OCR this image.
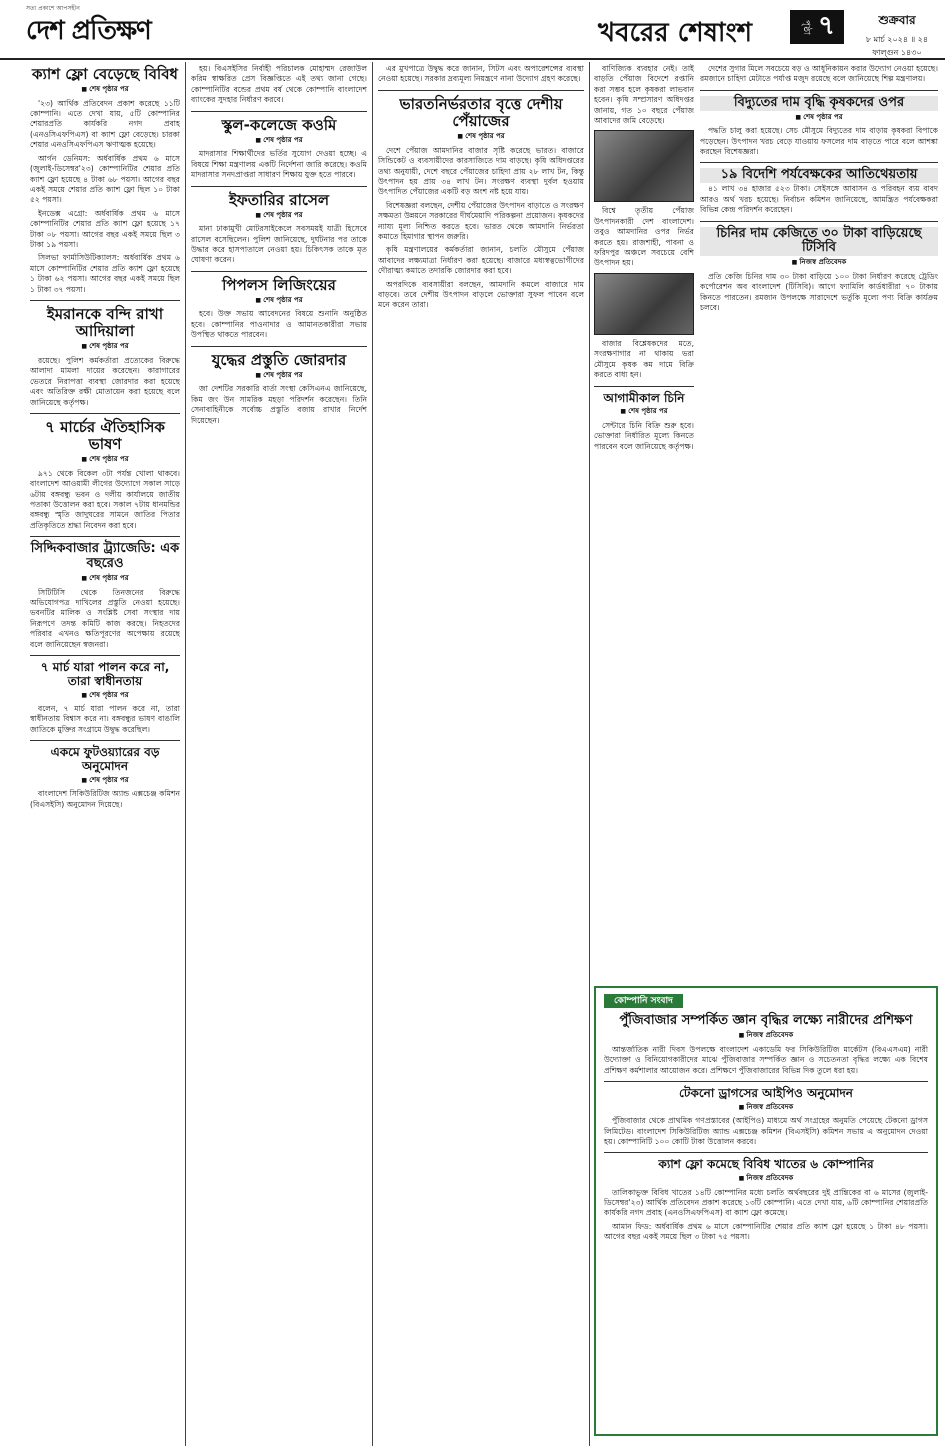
সত্য প্রকাশে আপসহীন
দেশ প্রতিক্ষণ	খবরের শেষাংশ	পৃষ্ঠা ৭	শুক্রবার
৮ মার্চ ২০২৪ ॥ ২৪ ফাল্গুন ১৪৩০
ক্যাশ ফ্লো বেড়েছে বিবিধ
■ শেষ পৃষ্ঠার পর

'২৩) আর্থিক প্রতিবেদন প্রকাশ করেছে ১১টি কোম্পানি। এতে দেখা যায়, ৫টি কোম্পানির শেয়ারপ্রতি কার্যকরি নগদ প্রবাহ (এনওসিএফপিএস) বা ক্যাশ ফ্লো বেড়েছে। চারকা শেয়ার এনওসিএফপিএস ঋণাত্মক হয়েছে।

আর্গন ডেনিমস: অর্ধবার্ষিক প্রথম ৬ মাসে (জুলাই-ডিসেম্বর'২৩) কোম্পানিটির শেয়ার প্রতি ক্যাশ ফ্লো হয়েছে ৪ টাকা ৬৮ পয়সা। আগের বছর একই সময়ে শেয়ার প্রতি ক্যাশ ফ্লো ছিল ১০ টাকা ৫২ পয়সা।

ইনডেক্স এগ্রো: অর্ধবার্ষিক প্রথম ৬ মাসে কোম্পানিটির শেয়ার প্রতি ক্যাশ ফ্লো হয়েছে ১৭ টাকা ০৮ পয়সা। আগের বছর একই সময়ে ছিল ৩ টাকা ১৯ পয়সা।

সিলভা ফার্মাসিউটিক্যালস: অর্ধবার্ষিক প্রথম ৬ মাসে কোম্পানিটির শেয়ার প্রতি ক্যাশ ফ্লো হয়েছে ১ টাকা ৬২ পয়সা। আগের বছর একই সময়ে ছিল ১ টাকা ৩৭ পয়সা।

ইমরানকে বন্দি রাখা আদিয়ালা
■ শেষ পৃষ্ঠার পর

রয়েছে। পুলিশ কর্মকর্তারা প্রত্যেকের বিরুদ্ধে আলাদা মামলা দায়ের করেছেন। কারাগারের ভেতরে নিরাপত্তা ব্যবস্থা জোরদার করা হয়েছে এবং অতিরিক্ত রক্ষী মোতায়েন করা হয়েছে বলে জানিয়েছে কর্তৃপক্ষ।

৭ মার্চের ঐতিহাসিক ভাষণ
■ শেষ পৃষ্ঠার পর

৯৭১ থেকে বিকেল ৩টা পর্যন্ত খোলা থাকবে। বাংলাদেশ আওয়ামী লীগের উদ্যোগে সকাল সাড়ে ৬টায় বঙ্গবন্ধু ভবন ও দলীয় কার্যালয়ে জাতীয় পতাকা উত্তোলন করা হবে। সকাল ৭টায় ধানমন্ডির বঙ্গবন্ধু স্মৃতি জাদুঘরের সামনে জাতির পিতার প্রতিকৃতিতে শ্রদ্ধা নিবেদন করা হবে।

সিদ্দিকবাজার ট্র্যাজেডি: এক বছরেও
■ শেষ পৃষ্ঠার পর

সিটিটিসি থেকে তিনজনের বিরুদ্ধে অভিযোগপত্র দাখিলের প্রস্তুতি নেওয়া হয়েছে। ভবনটির মালিক ও সংশ্লিষ্ট সেবা সংস্থার দায় নিরূপণে তদন্ত কমিটি কাজ করছে। নিহতদের পরিবার এখনও ক্ষতিপূরণের অপেক্ষায় রয়েছে বলে জানিয়েছেন স্বজনরা।

৭ মার্চ যারা পালন করে না, তারা স্বাধীনতায়
■ শেষ পৃষ্ঠার পর

বলেন, ৭ মার্চ যারা পালন করে না, তারা স্বাধীনতায় বিশ্বাস করে না। বঙ্গবন্ধুর ভাষণ বাঙালি জাতিকে মুক্তির সংগ্রামে উদ্বুদ্ধ করেছিল।

একমে ফুটওয়্যারের বড় অনুমোদন
■ শেষ পৃষ্ঠার পর

বাংলাদেশ সিকিউরিটিজ অ্যান্ড এক্সচেঞ্জ কমিশন (বিএসইসি) অনুমোদন দিয়েছে।

হয়। বিএসইসির নির্বাহী পরিচালক মোহাম্মদ রেজাউল করিম স্বাক্ষরিত প্রেস বিজ্ঞপ্তিতে এই তথ্য জানা গেছে। কোম্পানিটির বন্ডের প্রথম বর্ষ থেকে কোম্পানি বাংলাদেশ ব্যাংকের সুদহার নির্ধারণ করবে।

স্কুল-কলেজে কওমি
■ শেষ পৃষ্ঠার পর

মাদরাসার শিক্ষার্থীদের ভর্তির সুযোগ দেওয়া হচ্ছে। এ বিষয়ে শিক্ষা মন্ত্রণালয় একটি নির্দেশনা জারি করেছে। কওমি মাদরাসার সনদপ্রাপ্তরা সাধারণ শিক্ষায় যুক্ত হতে পারবে।

ইফতারির রাসেল
■ শেষ পৃষ্ঠার পর

মানা ঢাকামুখী মোটরসাইকেলে সবসময়ই যাত্রী হিসেবে রাসেল বসেছিলেন। পুলিশ জানিয়েছে, দুর্ঘটনার পর তাকে উদ্ধার করে হাসপাতালে নেওয়া হয়। চিকিৎসক তাকে মৃত ঘোষণা করেন।

পিপলস লিজিংয়ের
■ শেষ পৃষ্ঠার পর

হবে। উক্ত সভায় আবেদনের বিষয়ে শুনানি অনুষ্ঠিত হবে। কোম্পানির পাওনাদার ও আমানতকারীরা সভায় উপস্থিত থাকতে পারবেন।

যুদ্ধের প্রস্তুতি জোরদার
■ শেষ পৃষ্ঠার পর

জা দেশটির সরকারি বার্তা সংস্থা কেসিএনএ জানিয়েছে, কিম জং উন সামরিক মহড়া পরিদর্শন করেছেন। তিনি সেনাবাহিনীকে সর্বোচ্চ প্রস্তুতি বজায় রাখার নির্দেশ দিয়েছেন।

এর মুখপাত্রে উদ্বুদ্ধ করে জানান, সিটস এবং অপারেশন্সের ব্যবস্থা নেওয়া হয়েছে। সরকার দ্রব্যমূল্য নিয়ন্ত্রণে নানা উদ্যোগ গ্রহণ করেছে।

ভারতনির্ভরতার বৃত্তে দেশীয় পেঁয়াজের
■ শেষ পৃষ্ঠার পর

দেশে পেঁয়াজ আমদানির বাজার সৃষ্টি করেছে ভারত। বাজারে সিন্ডিকেট ও ব্যবসায়ীদের কারসাজিতে দাম বাড়ছে। কৃষি অধিদপ্তরের তথ্য অনুযায়ী, দেশে বছরে পেঁয়াজের চাহিদা প্রায় ২৮ লাখ টন, কিন্তু উৎপাদন হয় প্রায় ৩৪ লাখ টন। সংরক্ষণ ব্যবস্থা দুর্বল হওয়ায় উৎপাদিত পেঁয়াজের একটি বড় অংশ নষ্ট হয়ে যায়।

বিশেষজ্ঞরা বলছেন, দেশীয় পেঁয়াজের উৎপাদন বাড়াতে ও সংরক্ষণ সক্ষমতা উন্নয়নে সরকারের দীর্ঘমেয়াদি পরিকল্পনা প্রয়োজন। কৃষকদের ন্যায্য মূল্য নিশ্চিত করতে হবে। ভারত থেকে আমদানি নির্ভরতা কমাতে হিমাগার স্থাপন জরুরি।

কৃষি মন্ত্রণালয়ের কর্মকর্তারা জানান, চলতি মৌসুমে পেঁয়াজ আবাদের লক্ষ্যমাত্রা নির্ধারণ করা হয়েছে। বাজারে মধ্যস্বত্বভোগীদের দৌরাত্ম্য কমাতে তদারকি জোরদার করা হবে।

অপরদিকে ব্যবসায়ীরা বলছেন, আমদানি কমলে বাজারে দাম বাড়বে। তবে দেশীয় উৎপাদন বাড়লে ভোক্তারা সুফল পাবেন বলে মনে করেন তারা।

বাণিজ্যিক ব্যবহার নেই। তাই বাড়তি পেঁয়াজ বিদেশে রপ্তানি করা সম্ভব হলে কৃষকরা লাভবান হবেন। কৃষি সম্প্রসারণ অধিদপ্তর জানায়, গত ১০ বছরে পেঁয়াজ আবাদের জমি বেড়েছে।

বিশ্বে তৃতীয় পেঁয়াজ উৎপাদনকারী দেশ বাংলাদেশ। তবুও আমদানির ওপর নির্ভর করতে হয়। রাজশাহী, পাবনা ও ফরিদপুর অঞ্চলে সবচেয়ে বেশি উৎপাদন হয়।

বাজার বিশ্লেষকদের মতে, সংরক্ষণাগার না থাকায় ভরা মৌসুমে কৃষক কম দামে বিক্রি করতে বাধ্য হন।

আগামীকাল চিনি
■ শেষ পৃষ্ঠার পর

সেন্টারে চিনি বিক্রি শুরু হবে। ভোক্তারা নির্ধারিত মূল্যে কিনতে পারবেন বলে জানিয়েছে কর্তৃপক্ষ।

দেশের সুগার মিলে সবচেয়ে বড় ও আধুনিকায়ন করার উদ্যোগ নেওয়া হয়েছে। রমজানে চাহিদা মেটাতে পর্যাপ্ত মজুদ রয়েছে বলে জানিয়েছে শিল্প মন্ত্রণালয়।

বিদ্যুতের দাম বৃদ্ধি কৃষকদের ওপর
■ শেষ পৃষ্ঠার পর

পদ্ধতি চালু করা হয়েছে। সেচ মৌসুমে বিদ্যুতের দাম বাড়ায় কৃষকরা বিপাকে পড়েছেন। উৎপাদন খরচ বেড়ে যাওয়ায় ফসলের দাম বাড়তে পারে বলে আশঙ্কা করছেন বিশেষজ্ঞরা।

১৯ বিদেশি পর্যবেক্ষকের আতিথেয়তায়

৪১ লাখ ৩৪ হাজার ৫২৩ টাকা। সেইসঙ্গে আবাসন ও পরিবহন ব্যয় বাবদ আরও অর্থ খরচ হয়েছে। নির্বাচন কমিশন জানিয়েছে, আমন্ত্রিত পর্যবেক্ষকরা বিভিন্ন কেন্দ্র পরিদর্শন করেছেন।

চিনির দাম কেজিতে ৩০ টাকা বাড়িয়েছে টিসিবি
■ নিজস্ব প্রতিবেদক

প্রতি কেজি চিনির দাম ৩০ টাকা বাড়িয়ে ১০০ টাকা নির্ধারণ করেছে ট্রেডিং কর্পোরেশন অব বাংলাদেশ (টিসিবি)। আগে ফ্যামিলি কার্ডধারীরা ৭০ টাকায় কিনতে পারতেন। রমজান উপলক্ষে সারাদেশে ভর্তুকি মূল্যে পণ্য বিক্রি কার্যক্রম চলবে।

কোম্পানি সংবাদ
পুঁজিবাজার সম্পর্কিত জ্ঞান বৃদ্ধির লক্ষ্যে নারীদের প্রশিক্ষণ
■ নিজস্ব প্রতিবেদক

আন্তর্জাতিক নারী দিবস উপলক্ষে বাংলাদেশ একাডেমি ফর সিকিউরিটিজ মার্কেটস (বিএএসএম) নারী উদ্যোক্তা ও বিনিয়োগকারীদের মাঝে পুঁজিবাজার সম্পর্কিত জ্ঞান ও সচেতনতা বৃদ্ধির লক্ষ্যে এক বিশেষ প্রশিক্ষণ কর্মশালার আয়োজন করে। প্রশিক্ষণে পুঁজিবাজারের বিভিন্ন দিক তুলে ধরা হয়।

টেকনো ড্রাগসের আইপিও অনুমোদন
■ নিজস্ব প্রতিবেদক

পুঁজিবাজার থেকে প্রাথমিক গণপ্রস্তাবের (আইপিও) মাধ্যমে অর্থ সংগ্রহের অনুমতি পেয়েছে টেকনো ড্রাগস লিমিটেড। বাংলাদেশ সিকিউরিটিজ অ্যান্ড এক্সচেঞ্জ কমিশন (বিএসইসি) কমিশন সভায় এ অনুমোদন দেওয়া হয়। কোম্পানিটি ১০০ কোটি টাকা উত্তোলন করবে।

ক্যাশ ফ্লো কমেছে বিবিধ খাতের ৬ কোম্পানির
■ নিজস্ব প্রতিবেদক

তালিকাভুক্ত বিবিধ খাতের ১৪টি কোম্পানির মধ্যে চলতি অর্থবছরের দুই প্রান্তিকের বা ৬ মাসের (জুলাই-ডিসেম্বর'২৩) আর্থিক প্রতিবেদন প্রকাশ করেছে ১৩টি কোম্পানি। এতে দেখা যায়, ৬টি কোম্পানির শেয়ারপ্রতি কার্যকরি নগদ প্রবাহ (এনওসিএফপিএস) বা ক্যাশ ফ্লো কমেছে।

আমান ফিড: অর্ধবার্ষিক প্রথম ৬ মাসে কোম্পানিটির শেয়ার প্রতি ক্যাশ ফ্লো হয়েছে ১ টাকা ৪৮ পয়সা। আগের বছর একই সময়ে ছিল ৩ টাকা ৭৫ পয়সা।
